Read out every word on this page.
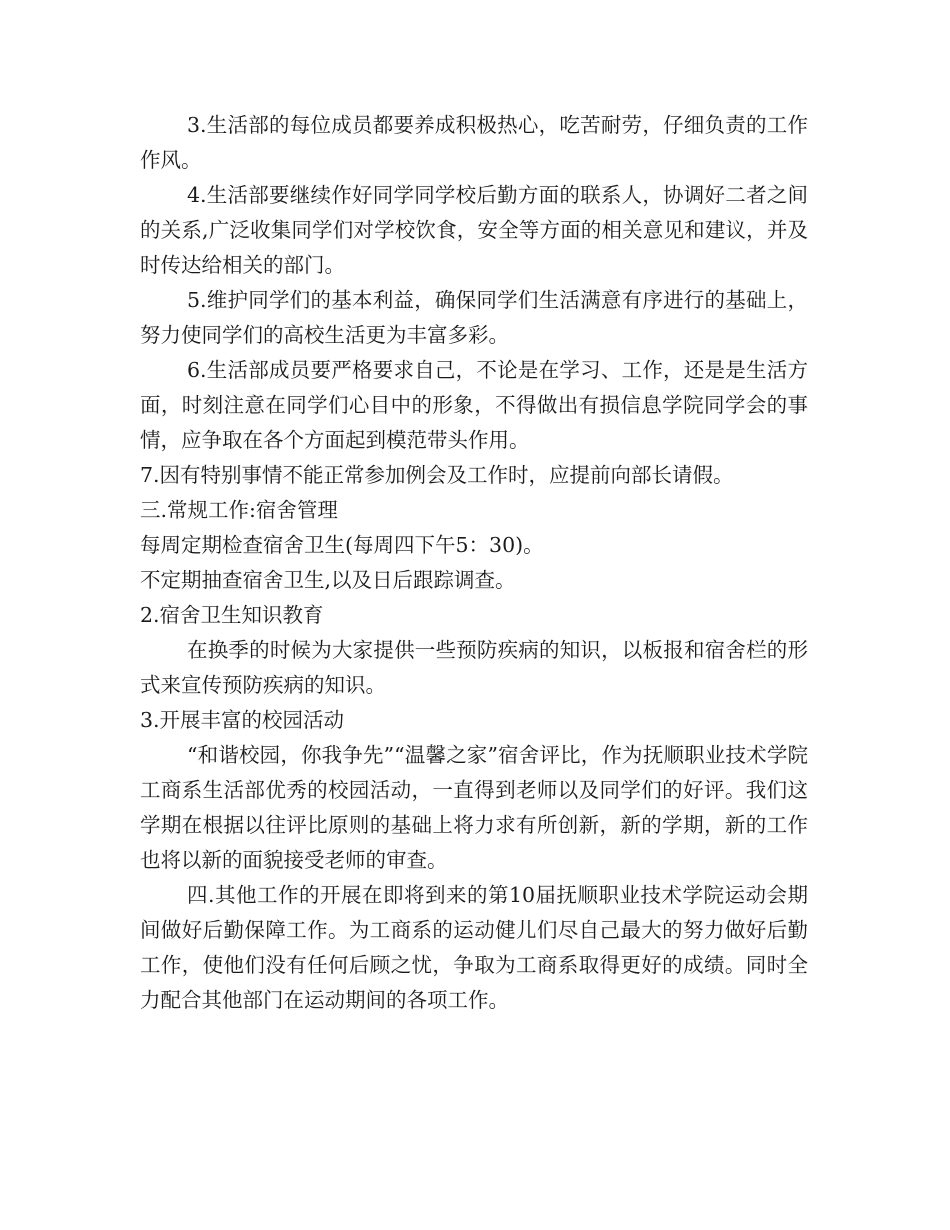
3.生活部的每位成员都要养成积极热心，吃苦耐劳，仔细负责的工作作风。

4.生活部要继续作好同学同学校后勤方面的联系人，协调好二者之间的关系,广泛收集同学们对学校饮食，安全等方面的相关意见和建议，并及时传达给相关的部门。

5.维护同学们的基本利益，确保同学们生活满意有序进行的基础上，努力使同学们的高校生活更为丰富多彩。

6.生活部成员要严格要求自己，不论是在学习、工作，还是是生活方面，时刻注意在同学们心目中的形象，不得做出有损信息学院同学会的事情，应争取在各个方面起到模范带头作用。

7.因有特别事情不能正常参加例会及工作时，应提前向部长请假。

三.常规工作:宿舍管理

每周定期检查宿舍卫生(每周四下午5：30)。

不定期抽查宿舍卫生,以及日后跟踪调查。

2.宿舍卫生知识教育

在换季的时候为大家提供一些预防疾病的知识，以板报和宿舍栏的形式来宣传预防疾病的知识。

3.开展丰富的校园活动

“和谐校园，你我争先”“温馨之家”宿舍评比，作为抚顺职业技术学院工商系生活部优秀的校园活动，一直得到老师以及同学们的好评。我们这学期在根据以往评比原则的基础上将力求有所创新，新的学期，新的工作也将以新的面貌接受老师的审查。

四.其他工作的开展在即将到来的第10届抚顺职业技术学院运动会期间做好后勤保障工作。为工商系的运动健儿们尽自己最大的努力做好后勤工作，使他们没有任何后顾之忧，争取为工商系取得更好的成绩。同时全力配合其他部门在运动期间的各项工作。
